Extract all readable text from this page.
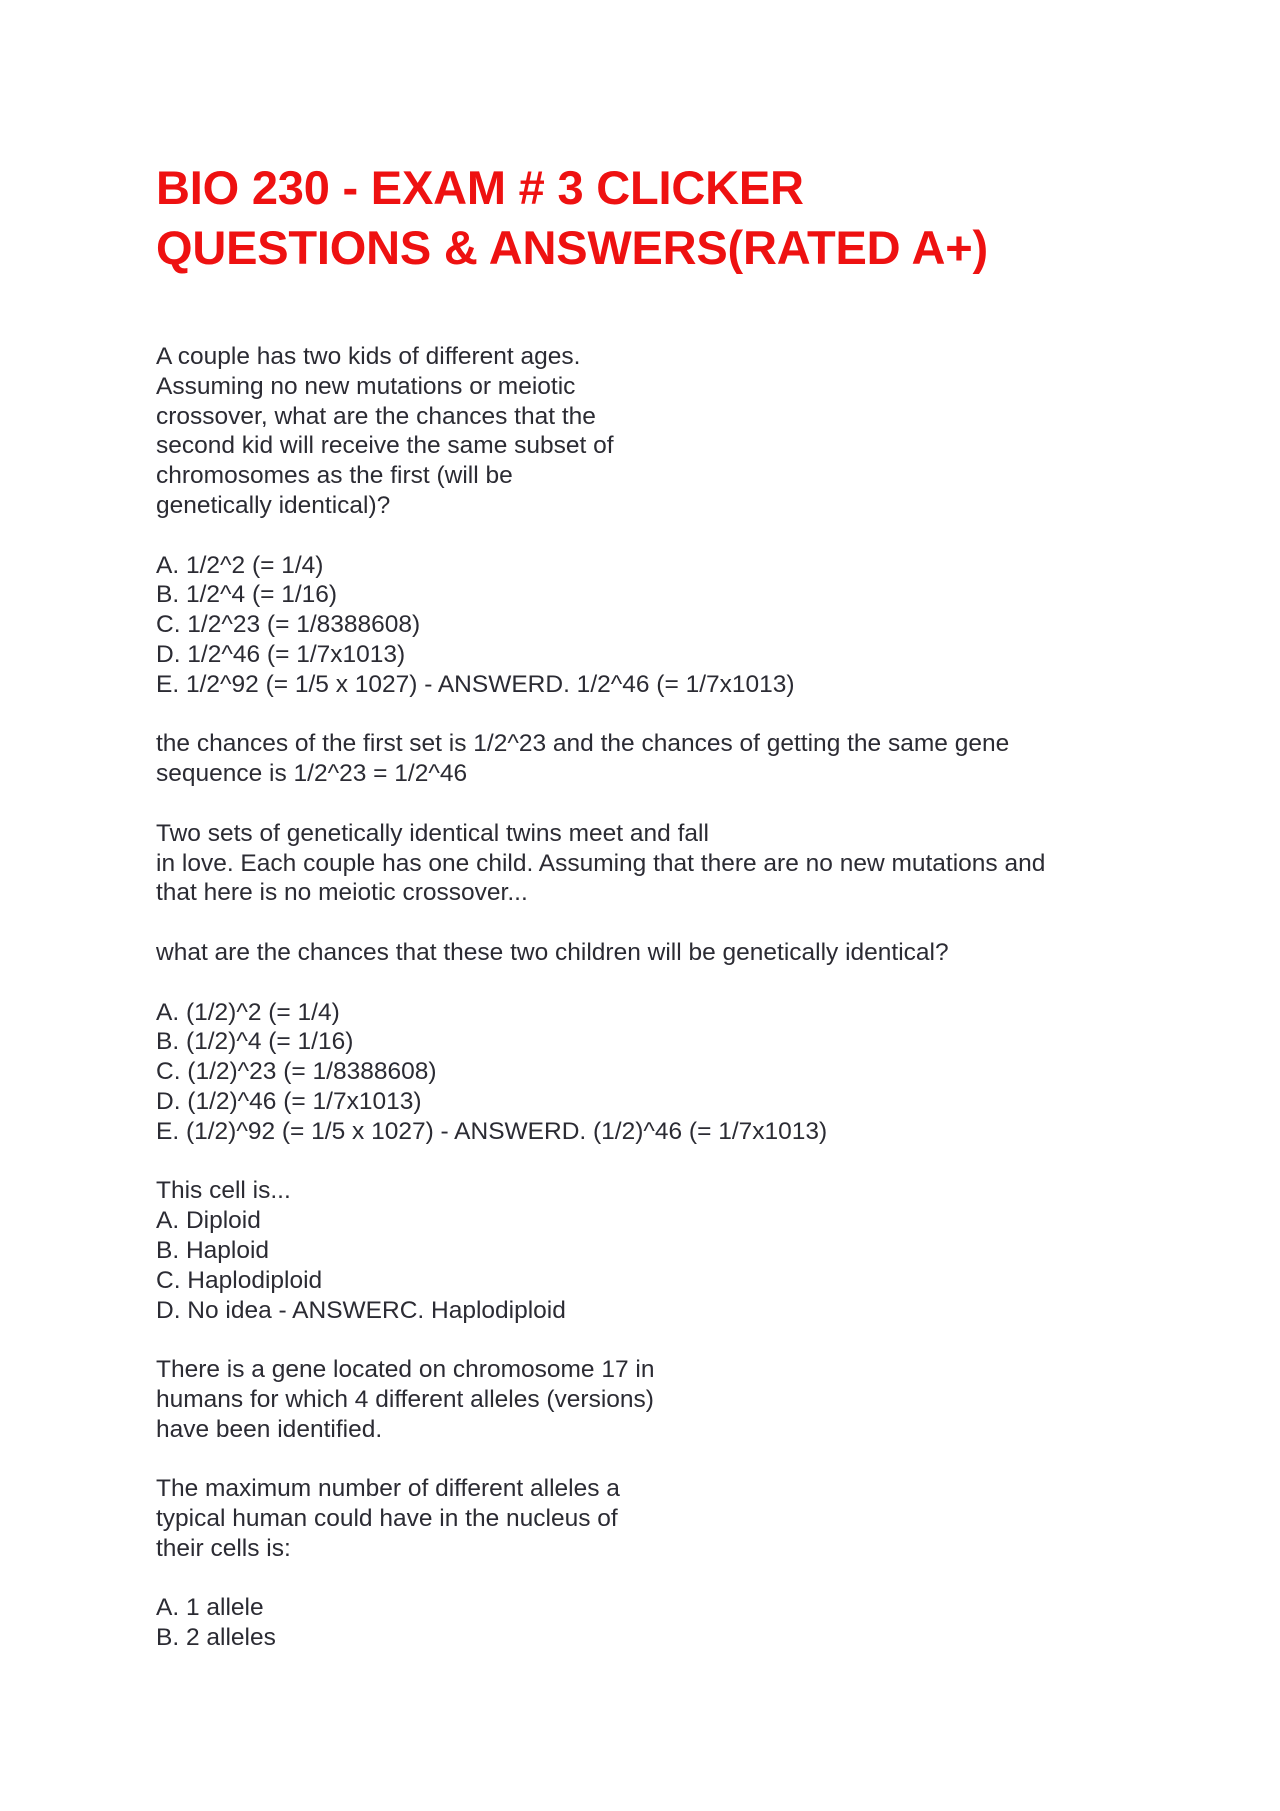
BIO 230 - EXAM # 3 CLICKER
QUESTIONS & ANSWERS(RATED A+)

A couple has two kids of different ages.
Assuming no new mutations or meiotic
crossover, what are the chances that the
second kid will receive the same subset of
chromosomes as the first (will be
genetically identical)?

A. 1/2^2 (= 1/4)
B. 1/2^4 (= 1/16)
C. 1/2^23 (= 1/8388608)
D. 1/2^46 (= 1/7x1013)
E. 1/2^92 (= 1/5 x 1027) - ANSWERD. 1/2^46 (= 1/7x1013)

the chances of the first set is 1/2^23 and the chances of getting the same gene
sequence is 1/2^23 = 1/2^46

Two sets of genetically identical twins meet and fall
in love. Each couple has one child. Assuming that there are no new mutations and
that here is no meiotic crossover...

what are the chances that these two children will be genetically identical?

A. (1/2)^2 (= 1/4)
B. (1/2)^4 (= 1/16)
C. (1/2)^23 (= 1/8388608)
D. (1/2)^46 (= 1/7x1013)
E. (1/2)^92 (= 1/5 x 1027) - ANSWERD. (1/2)^46 (= 1/7x1013)

This cell is...
A. Diploid
B. Haploid
C. Haplodiploid
D. No idea - ANSWERC. Haplodiploid

There is a gene located on chromosome 17 in
humans for which 4 different alleles (versions)
have been identified.

The maximum number of different alleles a
typical human could have in the nucleus of
their cells is:

A. 1 allele
B. 2 alleles
